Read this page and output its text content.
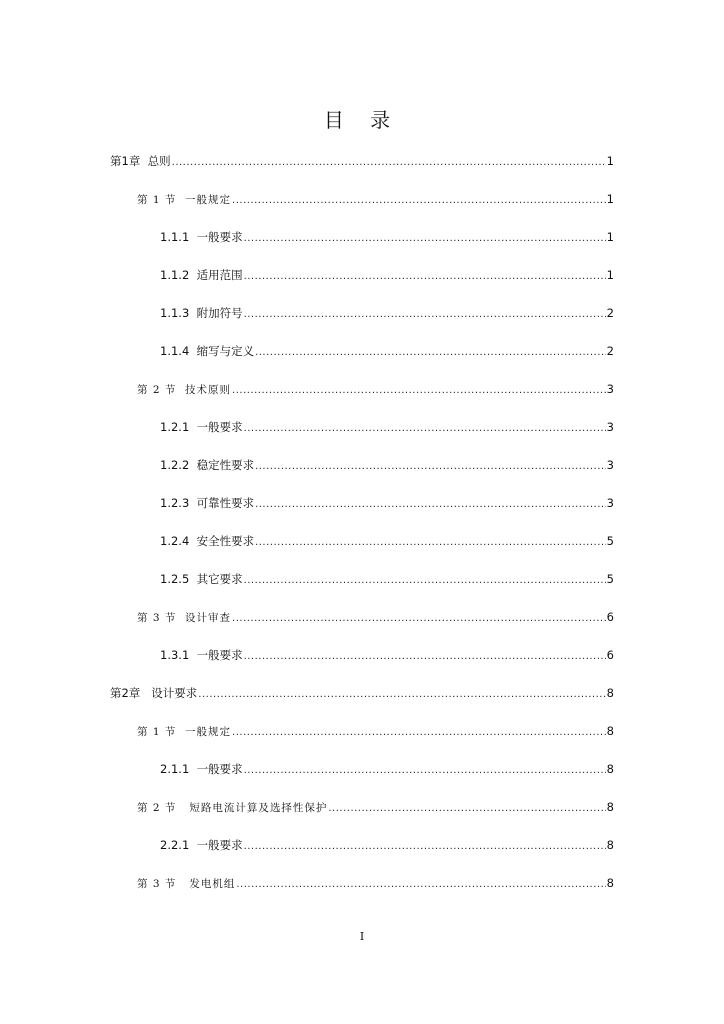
目 录
第1章  总则 .....	1
第 1 节  一般规定 .....	1
1.1.1  一般要求 .....	1
1.1.2  适用范围 .....	1
1.1.3  附加符号 .....	2
1.1.4  缩写与定义 .....	2
第 2 节  技术原则 .....	3
1.2.1  一般要求 .....	3
1.2.2  稳定性要求 .....	3
1.2.3  可靠性要求 .....	3
1.2.4  安全性要求 .....	5
1.2.5  其它要求 .....	5
第 3 节  设计审查 .....	6
1.3.1  一般要求 .....	6
第2章   设计要求 .....	8
第 1 节  一般规定 .....	8
2.1.1  一般要求 .....	8
第 2 节   短路电流计算及选择性保护 .....	8
2.2.1  一般要求 .....	8
第 3 节   发电机组 .....	8
I
